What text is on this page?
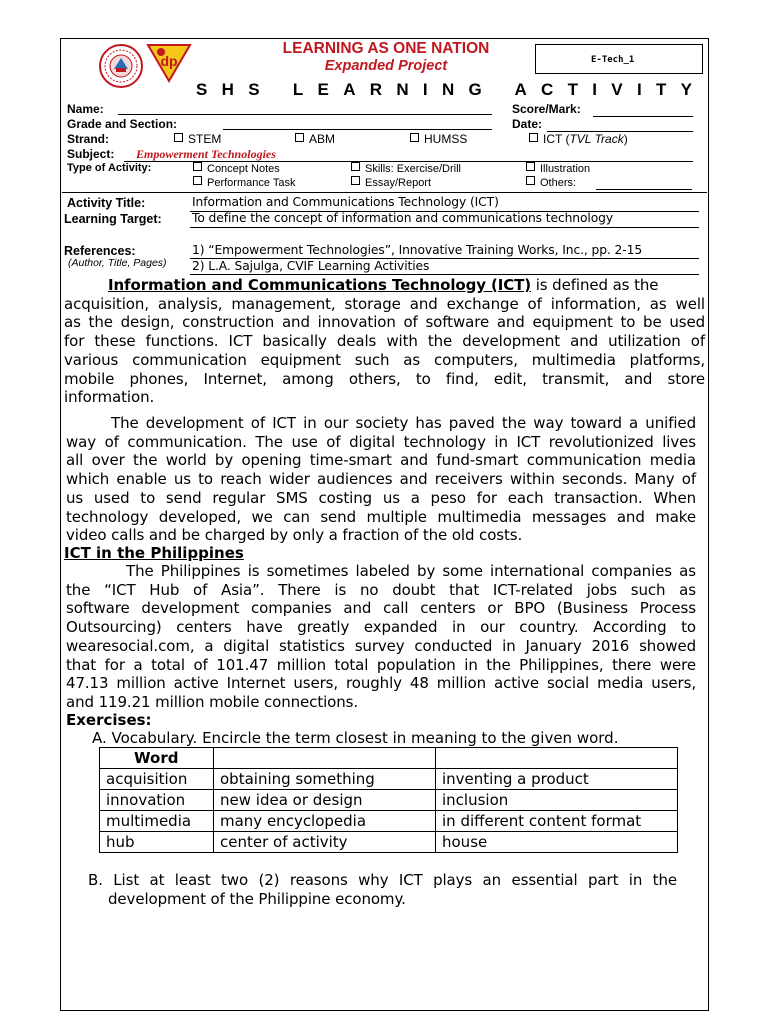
dp
LEARNING AS ONE NATION
Expanded Project	E-Tech_1
SHS LEARNING ACTIVITY
Name:	Score/Mark:
Grade and Section:	Date:
Strand:	STEM	ABM	HUMSS	ICT (TVL Track)
Subject: Empowerment Technologies
Type of Activity:	Concept Notes	Skills: Exercise/Drill	Illustration
Performance Task	Essay/Report	Others:
Activity Title:	Information and Communications Technology (ICT)
Learning Target: To define the concept of information and communications technology
References:
(Author, Title, Pages)
1) “Empowerment Technologies”, Innovative Training Works, Inc., pp. 2-15
2) L.A. Sajulga, CVIF Learning Activities
Information and Communications Technology (ICT) is defined as the
acquisition, analysis, management, storage and exchange of information, as well
as the design, construction and innovation of software and equipment to be used
for these functions. ICT basically deals with the development and utilization of
various communication equipment such as computers, multimedia platforms,
mobile phones, Internet, among others, to find, edit, transmit, and store
information.
The development of ICT in our society has paved the way toward a unified
way of communication. The use of digital technology in ICT revolutionized lives
all over the world by opening time-smart and fund-smart communication media
which enable us to reach wider audiences and receivers within seconds. Many of
us used to send regular SMS costing us a peso for each transaction. When
technology developed, we can send multiple multimedia messages and make
video calls and be charged by only a fraction of the old costs.
ICT in the Philippines
The Philippines is sometimes labeled by some international companies as
the “ICT Hub of Asia”. There is no doubt that ICT-related jobs such as
software development companies and call centers or BPO (Business Process
Outsourcing) centers have greatly expanded in our country. According to
wearesocial.com, a digital statistics survey conducted in January 2016 showed
that for a total of 101.47 million total population in the Philippines, there were
47.13 million active Internet users, roughly 48 million active social media users,
and 119.21 million mobile connections.
Exercises:
A. Vocabulary. Encircle the term closest in meaning to the given word.
Word		
acquisition	obtaining something	inventing a product
innovation	new idea or design	inclusion
multimedia	many encyclopedia	in different content format
hub	center of activity	house
B. List at least two (2) reasons why ICT plays an essential part in the
development of the Philippine economy.
